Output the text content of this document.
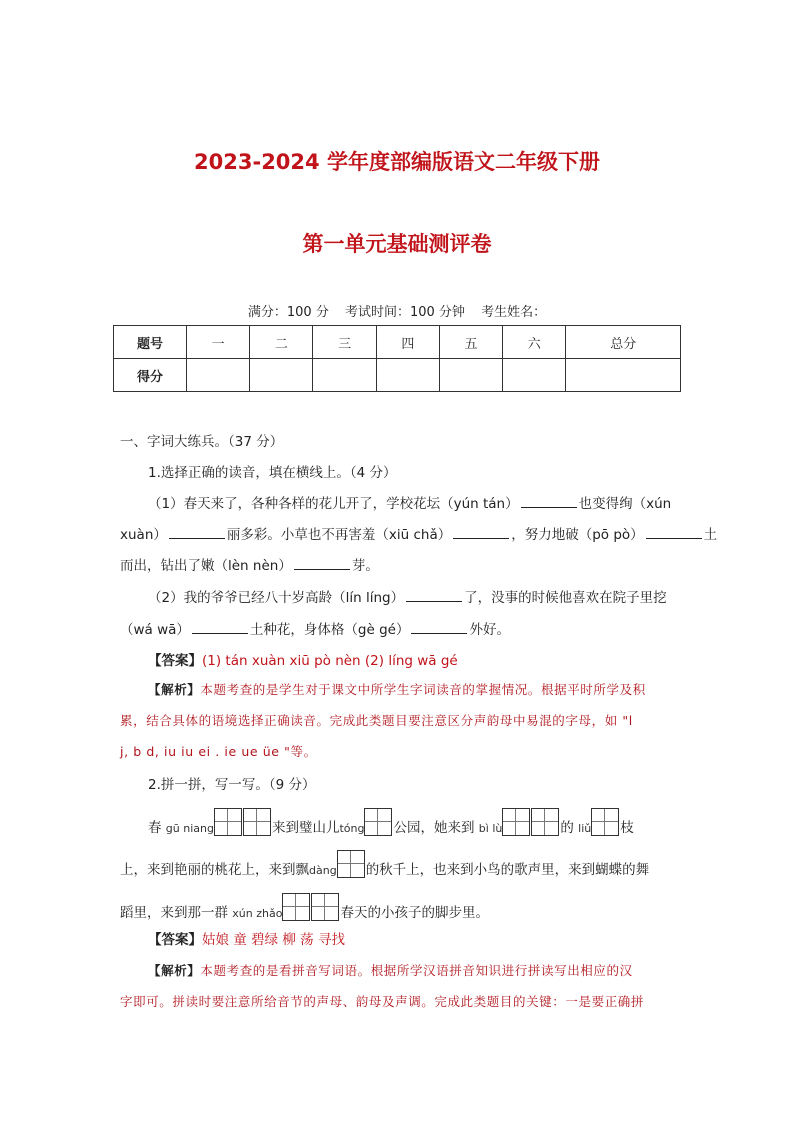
2023-2024 学年度部编版语文二年级下册
第一单元基础测评卷
满分：100 分 考试时间：100 分钟 考生姓名：
题号	一	二	三	四	五	六	总分
得分							
一、字词大练兵。（37 分）
1.选择正确的读音，填在横线上。（4 分）
（1）春天来了，各种各样的花儿开了，学校花坛（yún tán）	也变得绚（xún
xuàn）	丽多彩。小草也不再害羞（xiū chǎ）	，努力地破（pō pò）	土
而出，钻出了嫩（lèn nèn）	芽。
（2）我的爷爷已经八十岁高龄（lín líng）	了，没事的时候他喜欢在院子里挖
（wá wā）	土种花，身体格（gè gé）	外好。
【答案】(1) tán xuàn xiū pò nèn (2) líng wā gé
【解析】本题考查的是学生对于课文中所学生字词读音的掌握情况。根据平时所学及积
累，结合具体的语境选择正确读音。完成此类题目要注意区分声韵母中易混的字母，如 "l
j, b d, iu iu ei . ie ue üe "等。
2.拼一拼，写一写。（9 分）
春 gū niang	来到璧山儿tóng 公园，她来到 bì lù	的 liǔ 枝
上，来到艳丽的桃花上，来到飘dàng 的秋千上，也来到小鸟的歌声里，来到蝴蝶的舞
蹈里，来到那一群 xún zhǎo	春天的小孩子的脚步里。
【答案】姑娘 童 碧绿 柳 荡 寻找
【解析】本题考查的是看拼音写词语。根据所学汉语拼音知识进行拼读写出相应的汉
字即可。拼读时要注意所给音节的声母、韵母及声调。完成此类题目的关键：一是要正确拼
